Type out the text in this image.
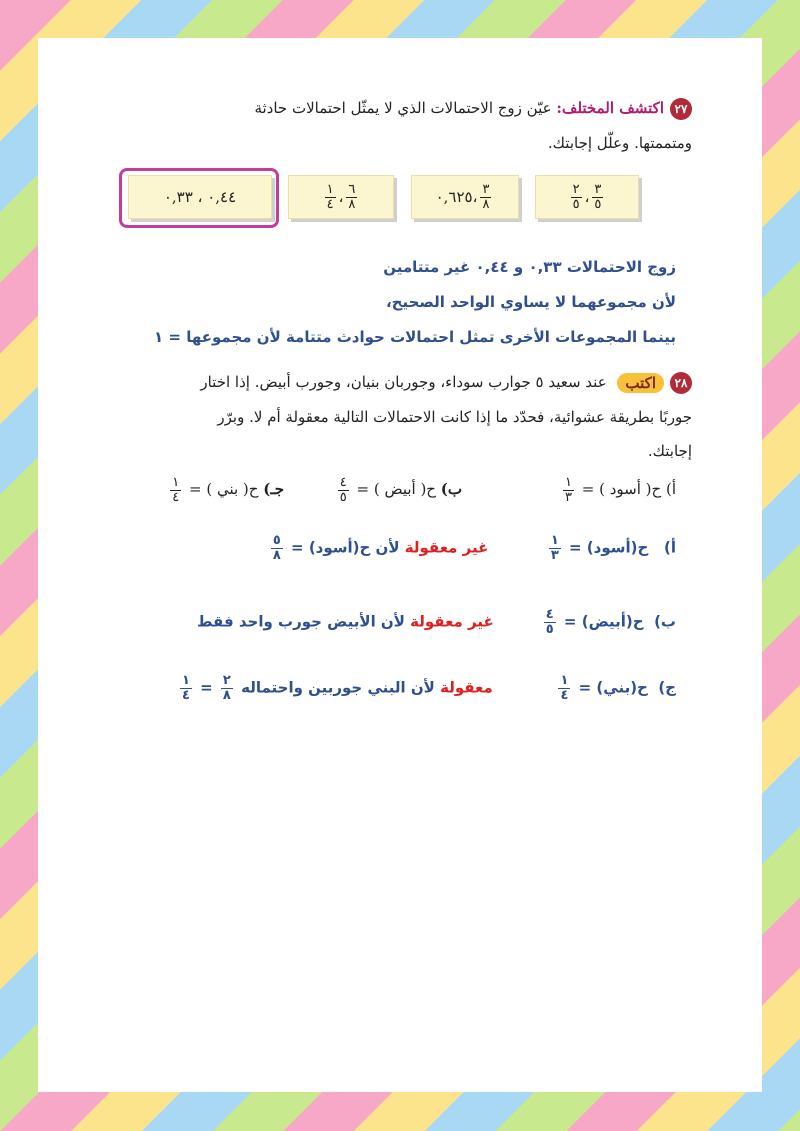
٢٧اكتشف المختلف: عيّن زوج الاحتمالات الذي لا يمثّل احتمالات حادثة
ومتممتها. وعلّل إجابتك.
$\frac{٣}{٥}$
،
$\frac{٢}{٥}$
$\frac{٣}{٨}$
،
٠,٦٢٥
$\frac{٦}{٨}$
،
$\frac{١}{٤}$
٠,٤٤ ، ٠,٣٣
زوج الاحتمالات ٠,٣٣ و ٠,٤٤ غير متتامين
لأن مجموعهما لا يساوي الواحد الصحيح،
بينما المجموعات الأخرى تمثل احتمالات حوادث متتامة لأن مجموعها = ١
٢٨اكتب عند سعيد ٥ جوارب سوداء، وجوربان بنيان، وجورب أبيض. إذا اختار
جوربًا بطريقة عشوائية، فحدّد ما إذا كانت الاحتمالات التالية معقولة أم لا. وبرّر
إجابتك.
أ) ح( أسود ) =
$\frac{١}{٣}$
ب) ح( أبيض ) =
$\frac{٤}{٥}$
جـ) ح( بني ) =
$\frac{١}{٤}$
أ)   ح(أسود) =
$\frac{١}{٣}$
غير معقولة لأن ح(أسود) =
$\frac{٥}{٨}$
ب)  ح(أبيض) =
$\frac{٤}{٥}$
غير معقولة لأن الأبيض جورب واحد فقط
ج)  ح(بني) =
$\frac{١}{٤}$
معقولة لأن البني جوربين واحتماله
$\frac{٢}{٨}$
=
$\frac{١}{٤}$
